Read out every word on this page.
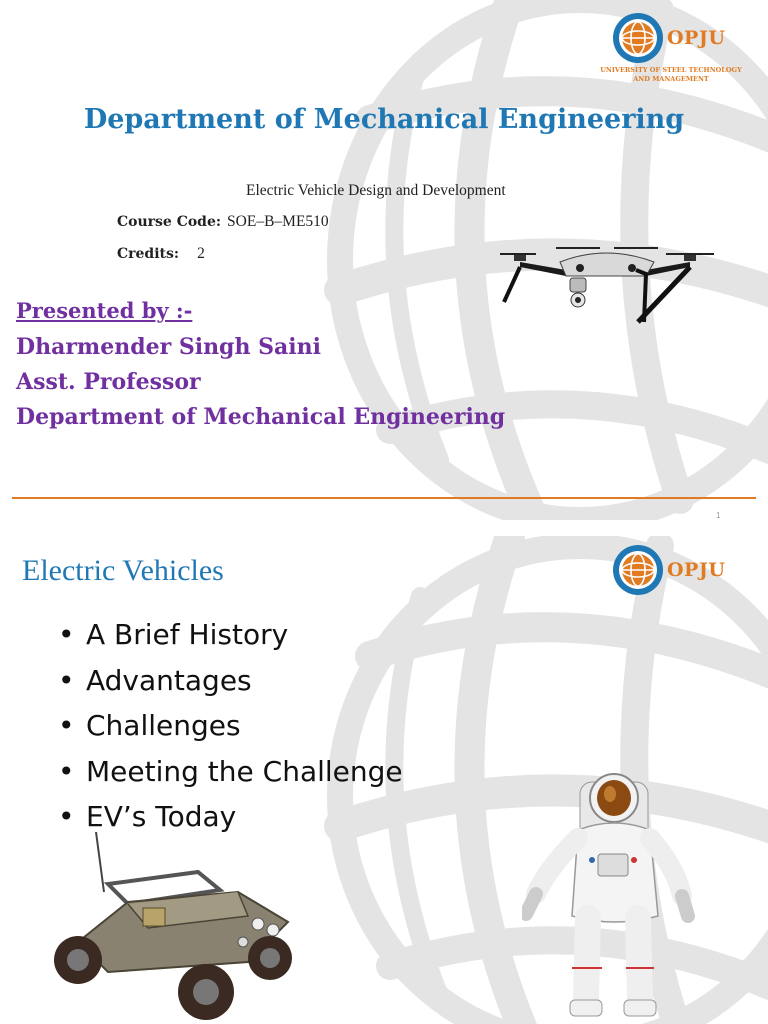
OPJU
UNIVERSITY OF STEEL TECHNOLOGY
AND MANAGEMENT
Department of Mechanical Engineering
Electric Vehicle Design and Development
Course Code: SOE–B–ME510
Credits: 2
Presented by :-
Dharmender Singh Saini
Asst. Professor
Department of Mechanical Engineering
1
OPJU
Electric Vehicles
• A Brief History
• Advantages
• Challenges
• Meeting the Challenge
• EV’s Today
